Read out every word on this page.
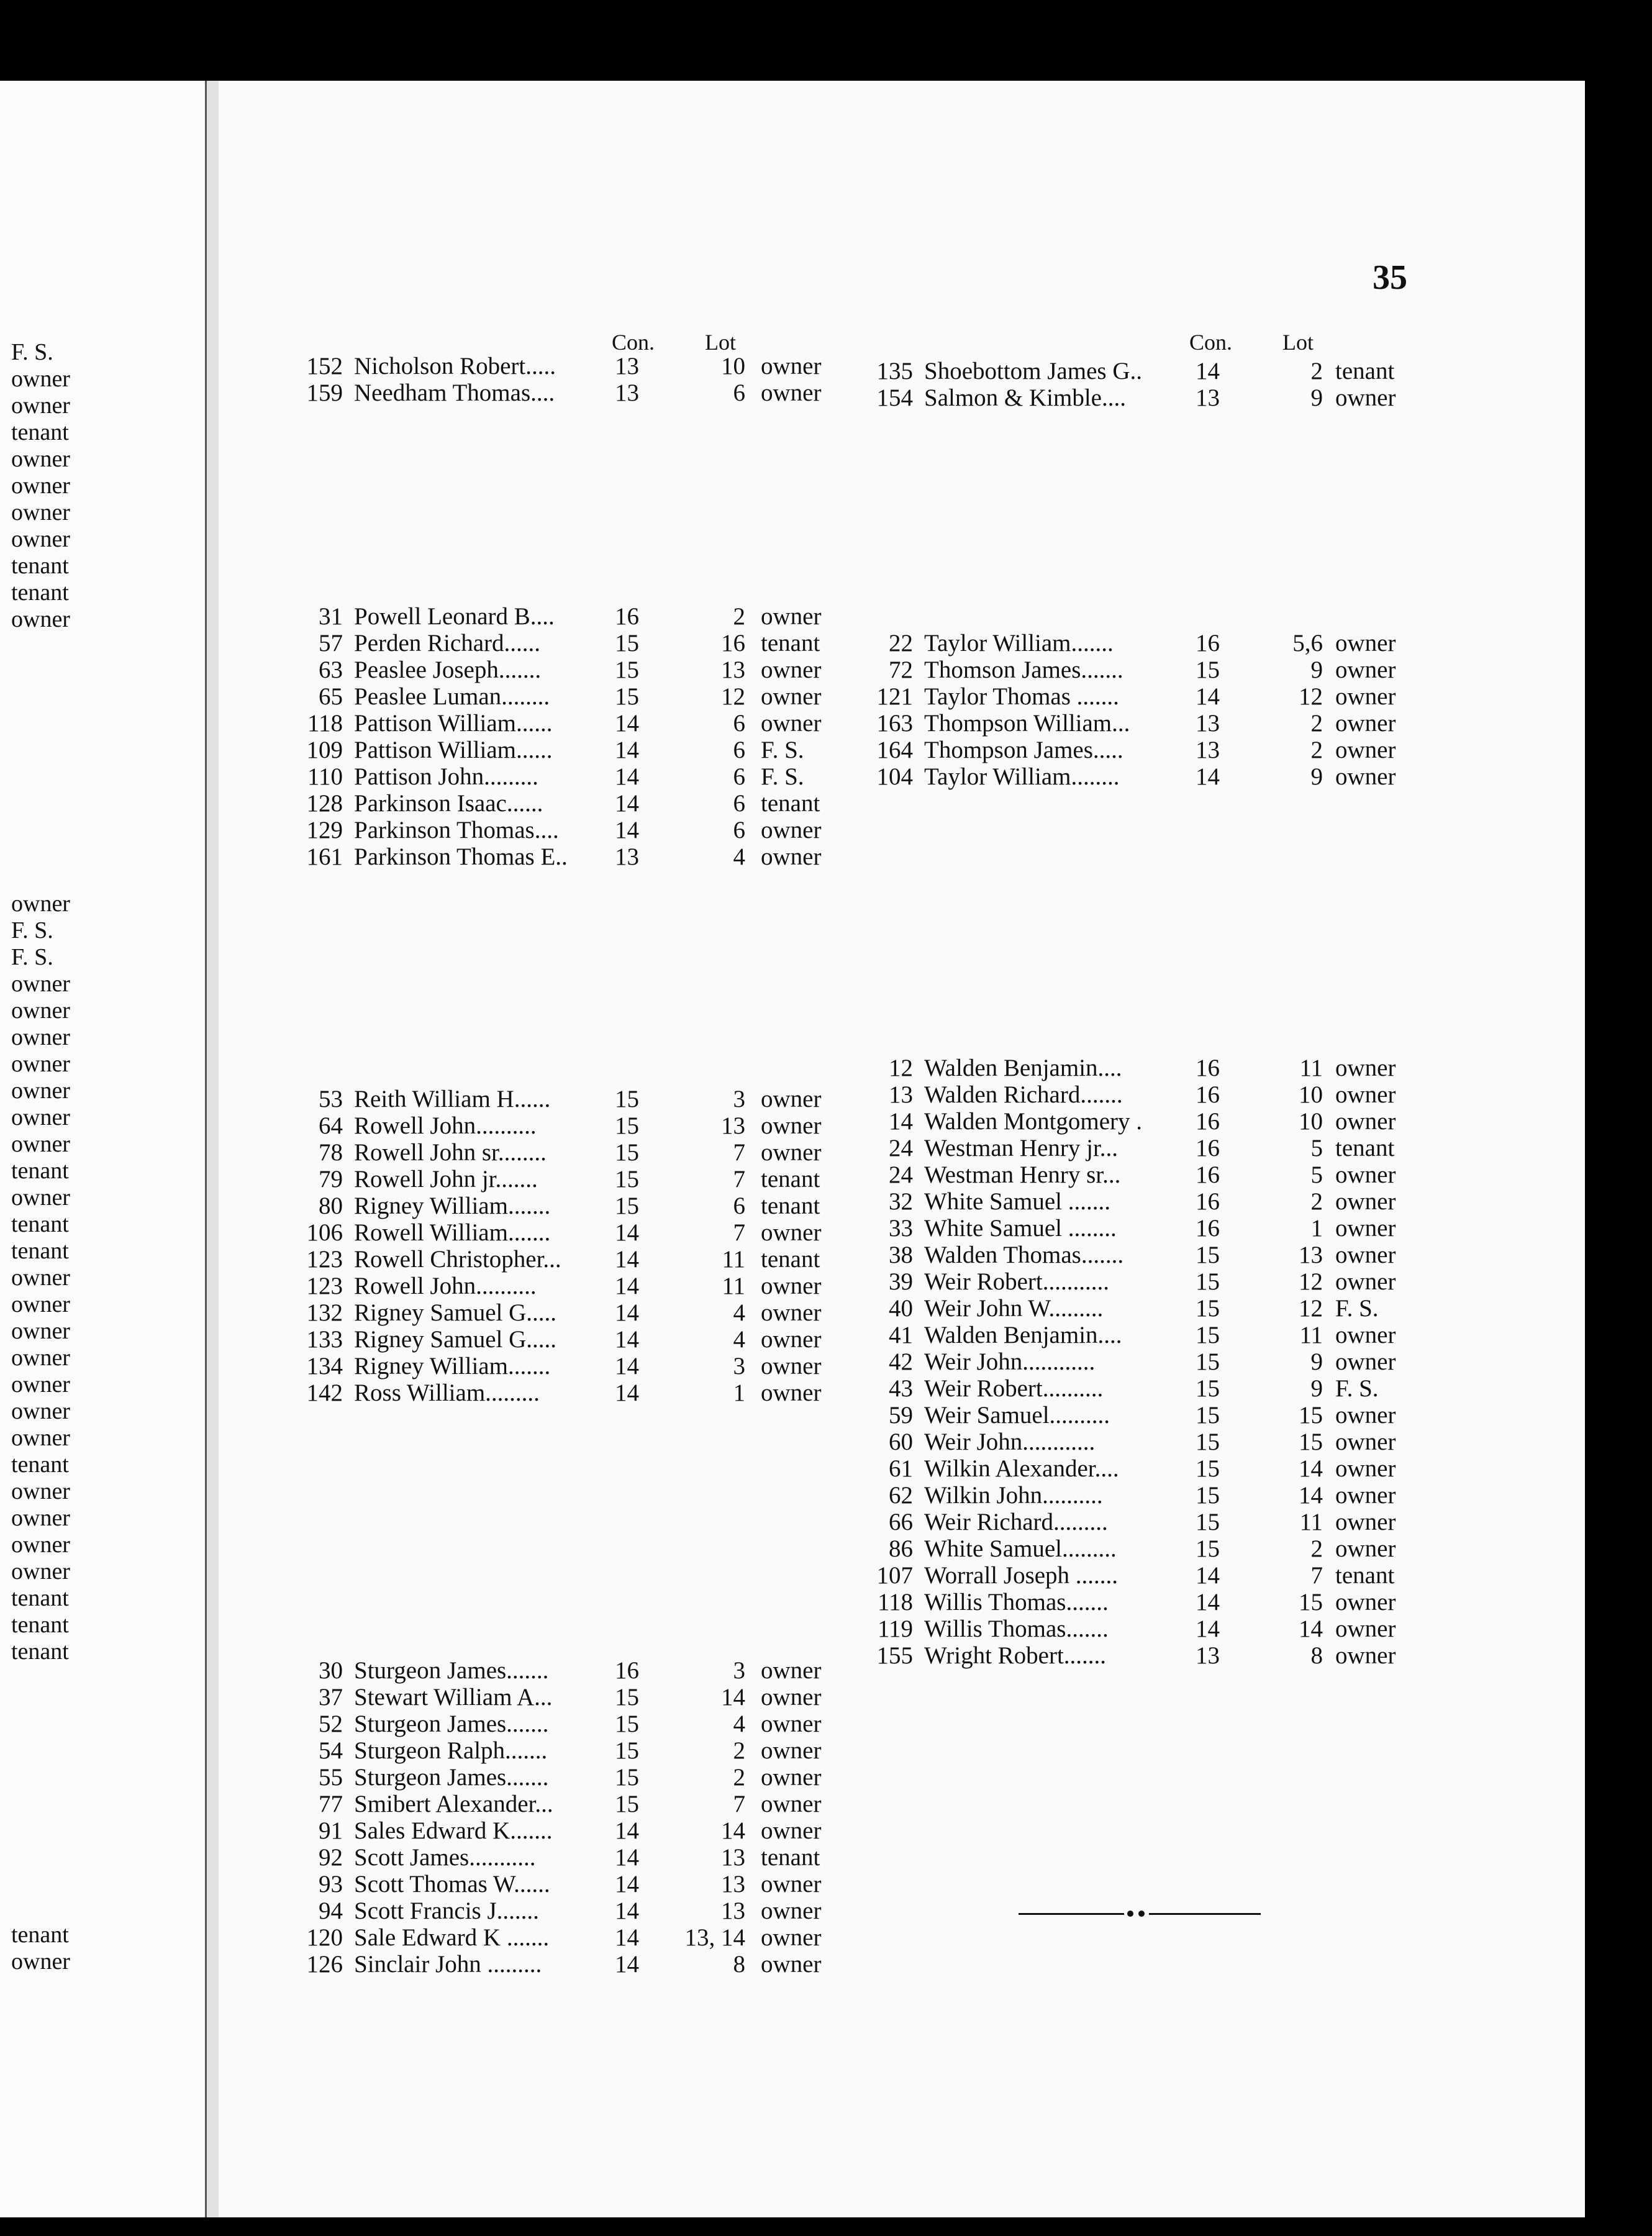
F. S.
owner
owner
tenant
owner
owner
owner
owner
tenant
tenant
owner
owner
F. S.
F. S.
owner
owner
owner
owner
owner
owner
owner
tenant
owner
tenant
tenant
owner
owner
owner
owner
owner
owner
owner
tenant
owner
owner
owner
owner
tenant
tenant
tenant
tenant
owner
35
Con. Lot	Con. Lot
152 Nicholson Robert.....	13	10 owner
159 Needham Thomas....	13	6 owner
31 Powell Leonard B....	16	2 owner
57 Perden Richard......	15	16 tenant
63 Peaslee Joseph.......	15	13 owner
65 Peaslee Luman........	15	12 owner
118 Pattison William......	14	6 owner
109 Pattison William......	14	6 F. S.
110 Pattison John.........	14	6 F. S.
128 Parkinson Isaac......	14	6 tenant
129 Parkinson Thomas....	14	6 owner
161 Parkinson Thomas E..	13	4 owner
53 Reith William H......	15	3 owner
64 Rowell John..........	15	13 owner
78 Rowell John sr........	15	7 owner
79 Rowell John jr.......	15	7 tenant
80 Rigney William.......	15	6 tenant
106 Rowell William.......	14	7 owner
123 Rowell Christopher...	14	11 tenant
123 Rowell John..........	14	11 owner
132 Rigney Samuel G.....	14	4 owner
133 Rigney Samuel G.....	14	4 owner
134 Rigney William.......	14	3 owner
142 Ross William.........	14	1 owner
30 Sturgeon James.......	16	3 owner
37 Stewart William A...	15	14 owner
52 Sturgeon James.......	15	4 owner
54 Sturgeon Ralph.......	15	2 owner
55 Sturgeon James.......	15	2 owner
77 Smibert Alexander...	15	7 owner
91 Sales Edward K.......	14	14 owner
92 Scott James...........	14	13 tenant
93 Scott Thomas W......	14	13 owner
94 Scott Francis J.......	14	13 owner
120 Sale Edward K .......	14	13, 14 owner
126 Sinclair John .........	14	8 owner
135 Shoebottom James G..	14	2 tenant
154 Salmon & Kimble....	13	9 owner
22 Taylor William.......	16	5,6 owner
72 Thomson James.......	15	9 owner
121 Taylor Thomas .......	14	12 owner
163 Thompson William...	13	2 owner
164 Thompson James.....	13	2 owner
104 Taylor William........	14	9 owner
12 Walden Benjamin....	16	11 owner
13 Walden Richard.......	16	10 owner
14 Walden Montgomery .	16	10 owner
24 Westman Henry jr...	16	5 tenant
24 Westman Henry sr...	16	5 owner
32 White Samuel .......	16	2 owner
33 White Samuel ........	16	1 owner
38 Walden Thomas.......	15	13 owner
39 Weir Robert...........	15	12 owner
40 Weir John W.........	15	12 F. S.
41 Walden Benjamin....	15	11 owner
42 Weir John............	15	9 owner
43 Weir Robert..........	15	9 F. S.
59 Weir Samuel..........	15	15 owner
60 Weir John............	15	15 owner
61 Wilkin Alexander....	15	14 owner
62 Wilkin John..........	15	14 owner
66 Weir Richard.........	15	11 owner
86 White Samuel.........	15	2 owner
107 Worrall Joseph .......	14	7 tenant
118 Willis Thomas.......	14	15 owner
119 Willis Thomas.......	14	14 owner
155 Wright Robert.......	13	8 owner
